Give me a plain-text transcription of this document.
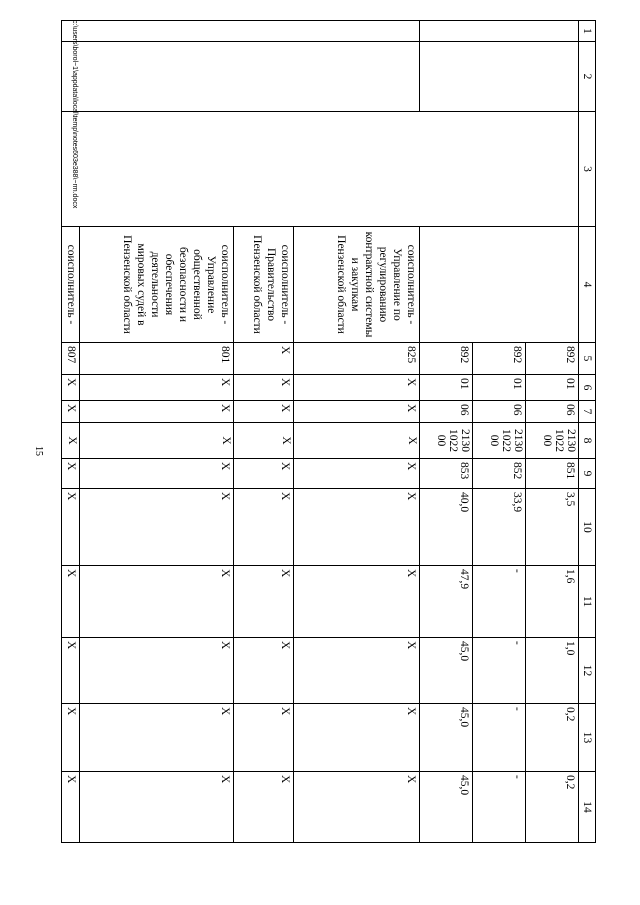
15
1	2	3	4	5	6	7	8	9	10	11	12	13	14
				892	01	06	2130
1022
00	851	3,5	1,6	1,0	0,2	0,2
				892	01	06	2130
1022
00	852	33,9	-	-	-	-
				892	01	06	2130
1022
00	853	40,0	47,9	45,0	45,0	45,0
			соисполнитель - Управление по регулированию контрактной системы и закупкам Пензенской области	825	Х	Х	Х	Х	Х	Х	Х	Х	Х
			соисполнитель - Правительство Пензенской области	Х	Х	Х	Х	Х	Х	Х	Х	Х	Х
			соисполнитель - Управление общественной безопасности и обеспечения деятельности мировых судей в Пензенской области	801	Х	Х	Х	Х	Х	Х	Х	Х	Х
			соисполнитель -	807	Х	Х	Х	Х	Х	Х	Х	Х	Х
c:\users\borol~1\appdata\local\temp\notes603e388\~rm.docx
